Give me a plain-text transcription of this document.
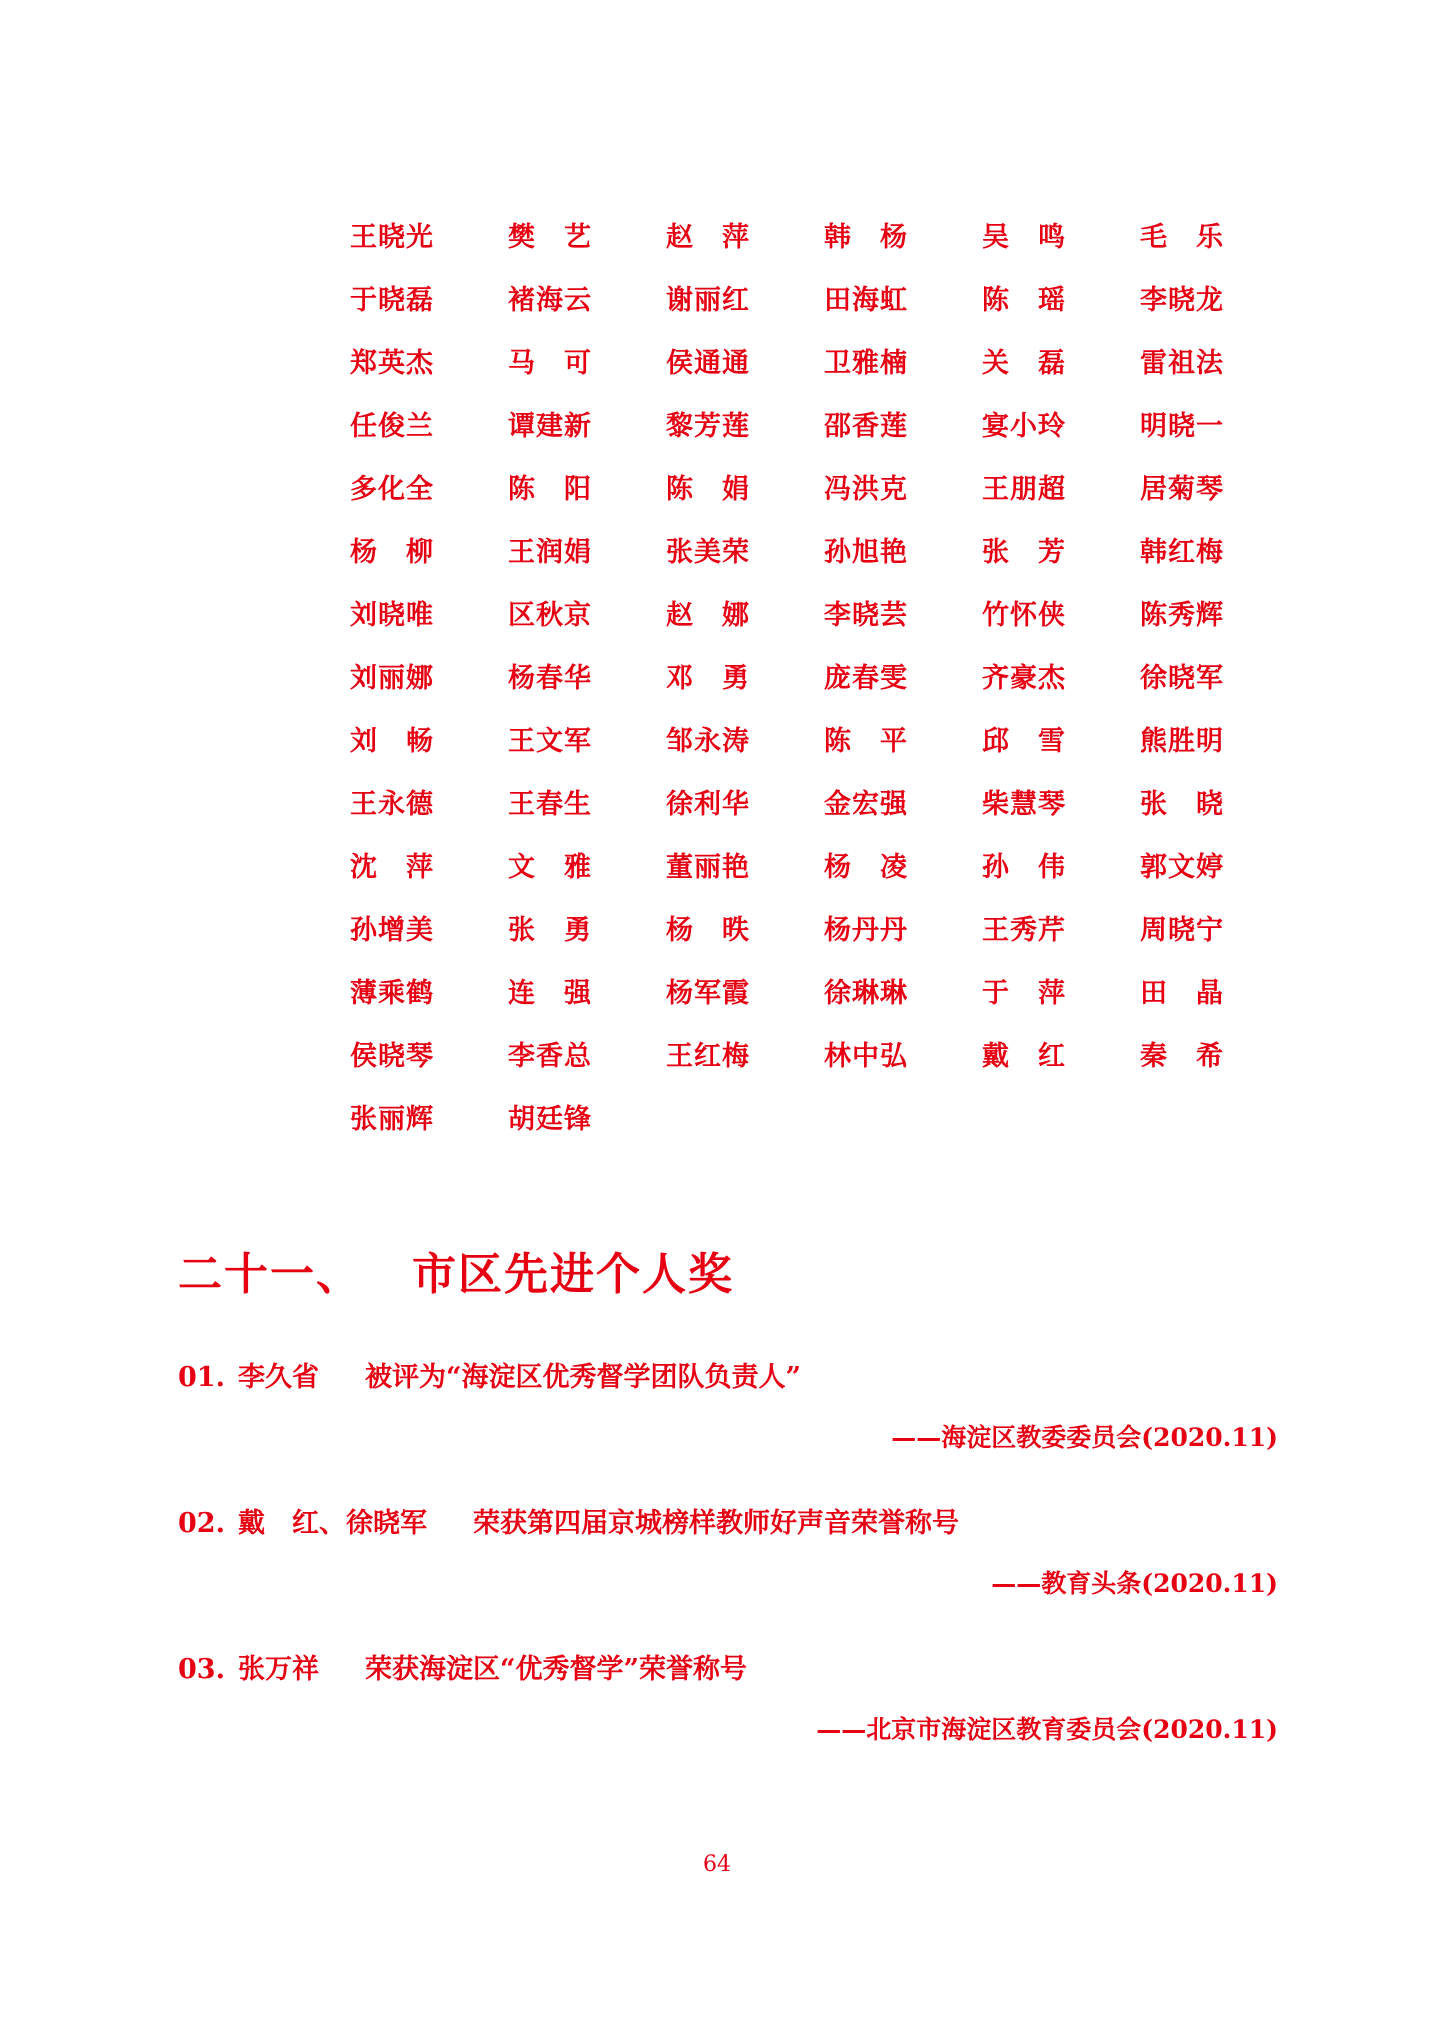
王晓光	樊　艺	赵　萍	韩　杨	吴　鸣	毛　乐
于晓磊	褚海云	谢丽红	田海虹	陈　瑶	李晓龙
郑英杰	马　可	侯通通	卫雅楠	关　磊	雷祖法
任俊兰	谭建新	黎芳莲	邵香莲	宴小玲	明晓一
多化全	陈　阳	陈　娟	冯洪克	王朋超	居菊琴
杨　柳	王润娟	张美荣	孙旭艳	张　芳	韩红梅
刘晓唯	区秋京	赵　娜	李晓芸	竹怀侠	陈秀辉
刘丽娜	杨春华	邓　勇	庞春雯	齐豪杰	徐晓军
刘　畅	王文军	邹永涛	陈　平	邱　雪	熊胜明
王永德	王春生	徐利华	金宏强	柴慧琴	张　晓
沈　萍	文　雅	董丽艳	杨　凌	孙　伟	郭文婷
孙增美	张　勇	杨　昳	杨丹丹	王秀芹	周晓宁
薄乘鹤	连　强	杨军霞	徐琳琳	于　萍	田　晶
侯晓琴	李香总	王红梅	林中弘	戴　红	秦　希
张丽辉	胡廷锋
二十一、 市区先进个人奖
01. 李久省 被评为“海淀区优秀督学团队负责人”
——海淀区教委委员会(2020.11)
02. 戴　红、徐晓军 荣获第四届京城榜样教师好声音荣誉称号
——教育头条(2020.11)
03. 张万祥 荣获海淀区“优秀督学”荣誉称号
——北京市海淀区教育委员会(2020.11)
64
